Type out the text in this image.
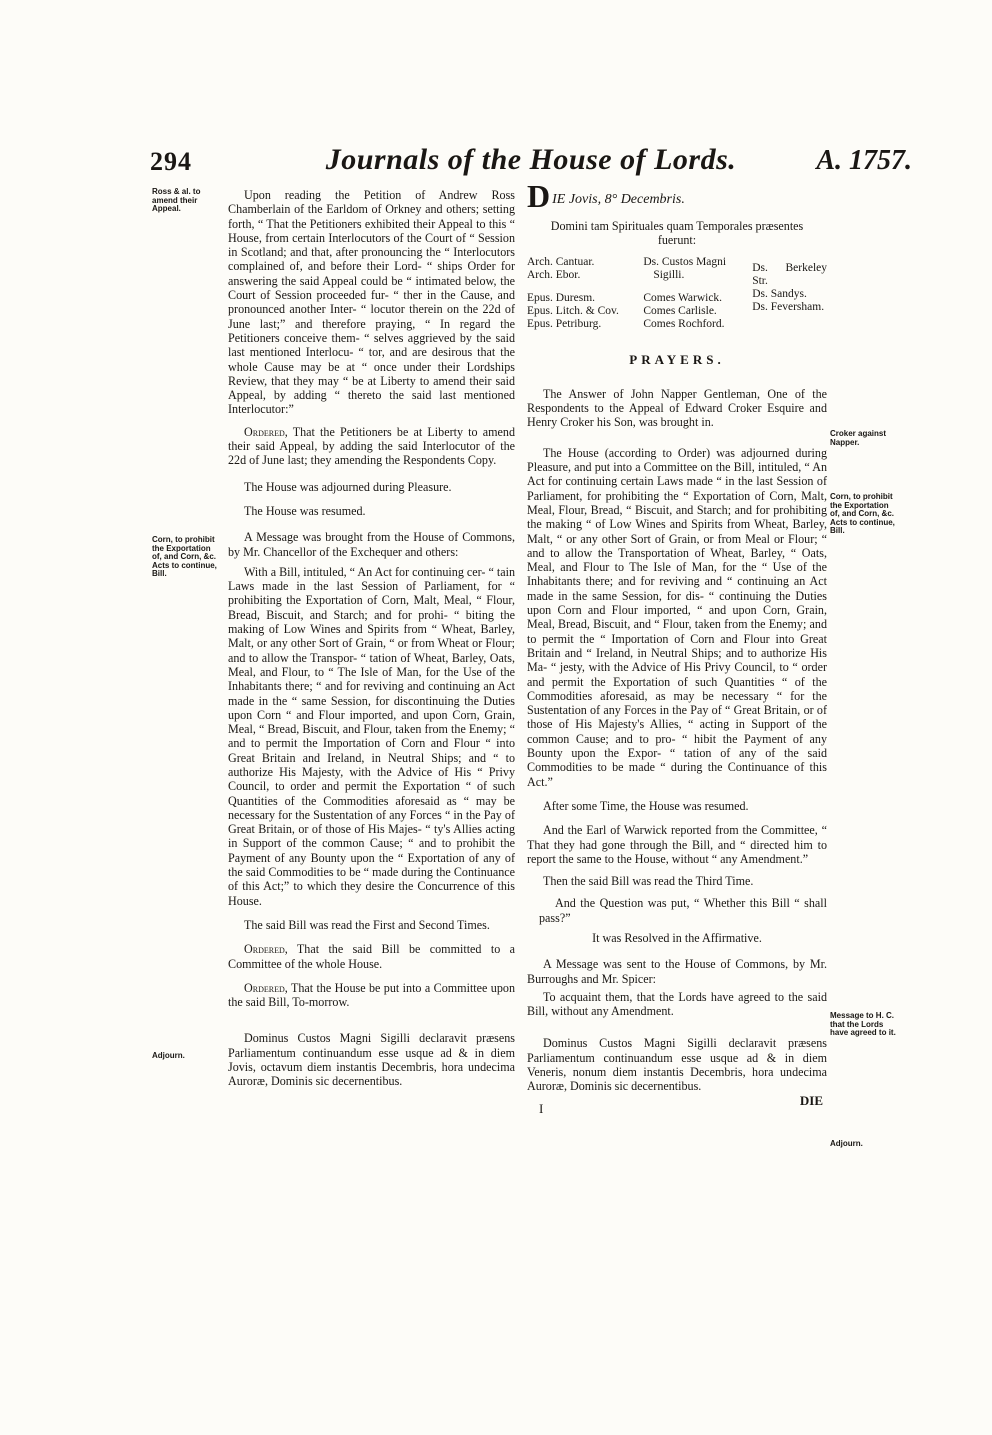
294	Journals of the House of Lords.	A. 1757.
Ross & al. to amend their Appeal.
Corn, to prohibit the Exportation of, and Corn, &c. Acts to continue, Bill.
Adjourn.
Croker against Napper.
Corn, to prohibit the Exportation of, and Corn, &c. Acts to continue, Bill.
Message to H. C. that the Lords have agreed to it.
Adjourn.

Upon reading the Petition of Andrew Ross Chamberlain of the Earldom of Orkney and others; setting forth, “ That the Petitioners exhibited their Appeal to this “ House, from certain Interlocutors of the Court of “ Session in Scotland; and that, after pronouncing the “ Interlocutors complained of, and before their Lord- “ ships Order for answering the said Appeal could be “ intimated below, the Court of Session proceeded fur- “ ther in the Cause, and pronounced another Inter- “ locutor therein on the 22d of June last;” and therefore praying, “ In regard the Petitioners conceive them- “ selves aggrieved by the said last mentioned Interlocu- “ tor, and are desirous that the whole Cause may be at “ once under their Lordships Review, that they may “ be at Liberty to amend their said Appeal, by adding “ thereto the said last mentioned Interlocutor:”

Ordered, That the Petitioners be at Liberty to amend their said Appeal, by adding the said Interlocutor of the 22d of June last; they amending the Respondents Copy.

The House was adjourned during Pleasure.

The House was resumed.

A Message was brought from the House of Commons, by Mr. Chancellor of the Exchequer and others:

With a Bill, intituled, “ An Act for continuing cer- “ tain Laws made in the last Session of Parliament, for “ prohibiting the Exportation of Corn, Malt, Meal, “ Flour, Bread, Biscuit, and Starch; and for prohi- “ biting the making of Low Wines and Spirits from “ Wheat, Barley, Malt, or any other Sort of Grain, “ or from Wheat or Flour; and to allow the Transpor- “ tation of Wheat, Barley, Oats, Meal, and Flour, to “ The Isle of Man, for the Use of the Inhabitants there; “ and for reviving and continuing an Act made in the “ same Session, for discontinuing the Duties upon Corn “ and Flour imported, and upon Corn, Grain, Meal, “ Bread, Biscuit, and Flour, taken from the Enemy; “ and to permit the Importation of Corn and Flour “ into Great Britain and Ireland, in Neutral Ships; and “ to authorize His Majesty, with the Advice of His “ Privy Council, to order and permit the Exportation “ of such Quantities of the Commodities aforesaid as “ may be necessary for the Sustentation of any Forces “ in the Pay of Great Britain, or of those of His Majes- “ ty's Allies acting in Support of the common Cause; “ and to prohibit the Payment of any Bounty upon the “ Exportation of any of the said Commodities to be “ made during the Continuance of this Act;” to which they desire the Concurrence of this House.

The said Bill was read the First and Second Times.

Ordered, That the said Bill be committed to a Committee of the whole House.

Ordered, That the House be put into a Committee upon the said Bill, To-morrow.

Dominus Custos Magni Sigilli declaravit præsens Parliamentum continuandum esse usque ad & in diem Jovis, octavum diem instantis Decembris, hora undecima Auroræ, Dominis sic decernentibus.

D IE Jovis, 8° Decembris.

Domini tam Spirituales quam Temporales præsentes fuerunt:

Arch. Cantuar.
Arch. Ebor.
Epus. Duresm.
Epus. Litch. & Cov.
Epus. Petriburg.
Ds. Custos Magni
Sigilli.
Comes Warwick.
Comes Carlisle.
Comes Rochford.
Ds. Berkeley Str.
Ds. Sandys.
Ds. Feversham.

PRAYERS.

The Answer of John Napper Gentleman, One of the Respondents to the Appeal of Edward Croker Esquire and Henry Croker his Son, was brought in.

The House (according to Order) was adjourned during Pleasure, and put into a Committee on the Bill, intituled, “ An Act for continuing certain Laws made “ in the last Session of Parliament, for prohibiting the “ Exportation of Corn, Malt, Meal, Flour, Bread, “ Biscuit, and Starch; and for prohibiting the making “ of Low Wines and Spirits from Wheat, Barley, Malt, “ or any other Sort of Grain, or from Meal or Flour; “ and to allow the Transportation of Wheat, Barley, “ Oats, Meal, and Flour to The Isle of Man, for the “ Use of the Inhabitants there; and for reviving and “ continuing an Act made in the same Session, for dis- “ continuing the Duties upon Corn and Flour imported, “ and upon Corn, Grain, Meal, Bread, Biscuit, and “ Flour, taken from the Enemy; and to permit the “ Importation of Corn and Flour into Great Britain and “ Ireland, in Neutral Ships; and to authorize His Ma- “ jesty, with the Advice of His Privy Council, to “ order and permit the Exportation of such Quantities “ of the Commodities aforesaid, as may be necessary “ for the Sustentation of any Forces in the Pay of “ Great Britain, or of those of His Majesty's Allies, “ acting in Support of the common Cause; and to pro- “ hibit the Payment of any Bounty upon the Expor- “ tation of any of the said Commodities to be made “ during the Continuance of this Act.”

After some Time, the House was resumed.

And the Earl of Warwick reported from the Committee, “ That they had gone through the Bill, and “ directed him to report the same to the House, without “ any Amendment.”

Then the said Bill was read the Third Time.

And the Question was put, “ Whether this Bill “ shall pass?”

It was Resolved in the Affirmative.

A Message was sent to the House of Commons, by Mr. Burroughs and Mr. Spicer:

To acquaint them, that the Lords have agreed to the said Bill, without any Amendment.

Dominus Custos Magni Sigilli declaravit præsens Parliamentum continuandum esse usque ad & in diem Veneris, nonum diem instantis Decembris, hora undecima Auroræ, Dominis sic decernentibus.

I

DIE
